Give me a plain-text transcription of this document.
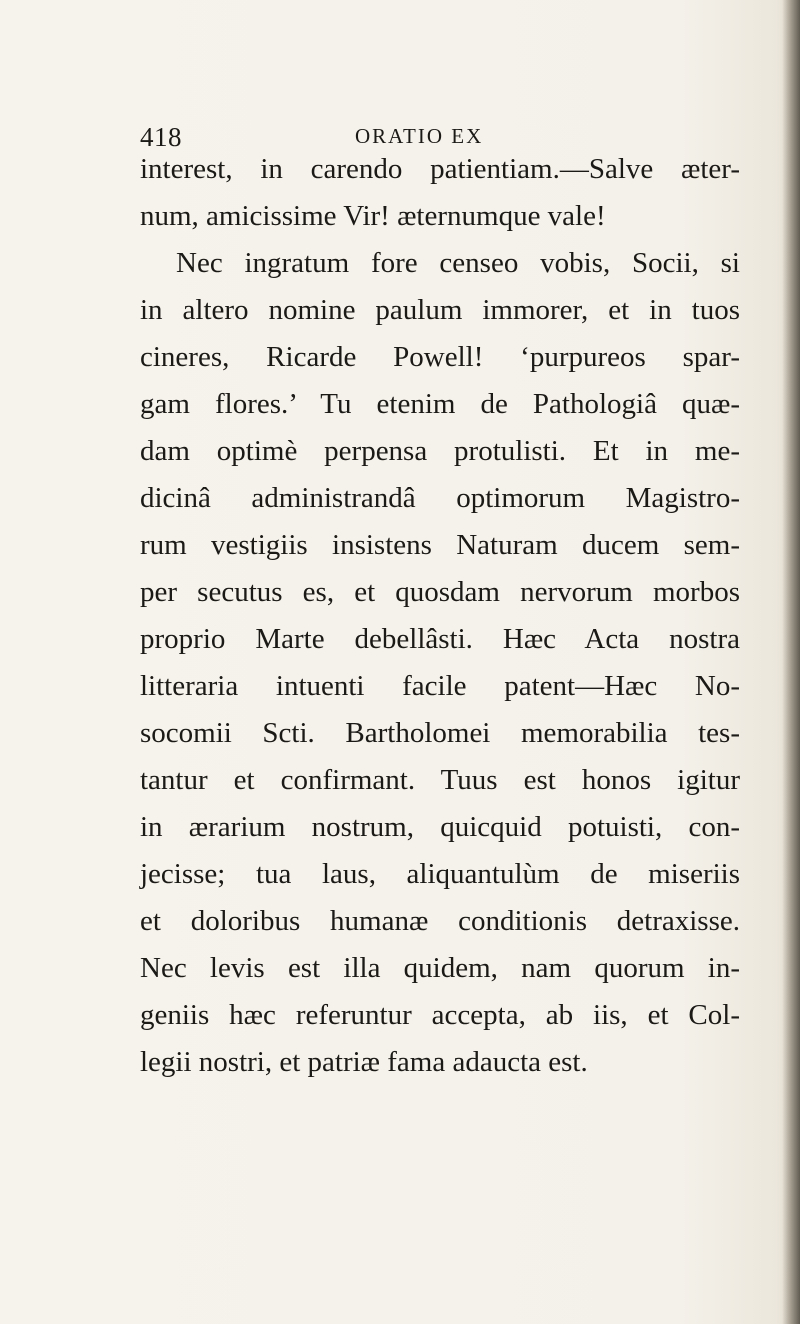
418	ORATIO EX
interest, in carendo patientiam.—Salve æter-
num, amicissime Vir! æternumque vale!
Nec ingratum fore censeo vobis, Socii, si
in altero nomine paulum immorer, et in tuos
cineres, Ricarde Powell! ‘purpureos spar-
gam flores.’ Tu etenim de Pathologiâ quæ-
dam optimè perpensa protulisti. Et in me-
dicinâ administrandâ optimorum Magistro-
rum vestigiis insistens Naturam ducem sem-
per secutus es, et quosdam nervorum morbos
proprio Marte debellâsti. Hæc Acta nostra
litteraria intuenti facile patent—Hæc No-
socomii Scti. Bartholomei memorabilia tes-
tantur et confirmant. Tuus est honos igitur
in ærarium nostrum, quicquid potuisti, con-
jecisse; tua laus, aliquantulùm de miseriis
et doloribus humanæ conditionis detraxisse.
Nec levis est illa quidem, nam quorum in-
geniis hæc referuntur accepta, ab iis, et Col-
legii nostri, et patriæ fama adaucta est.
